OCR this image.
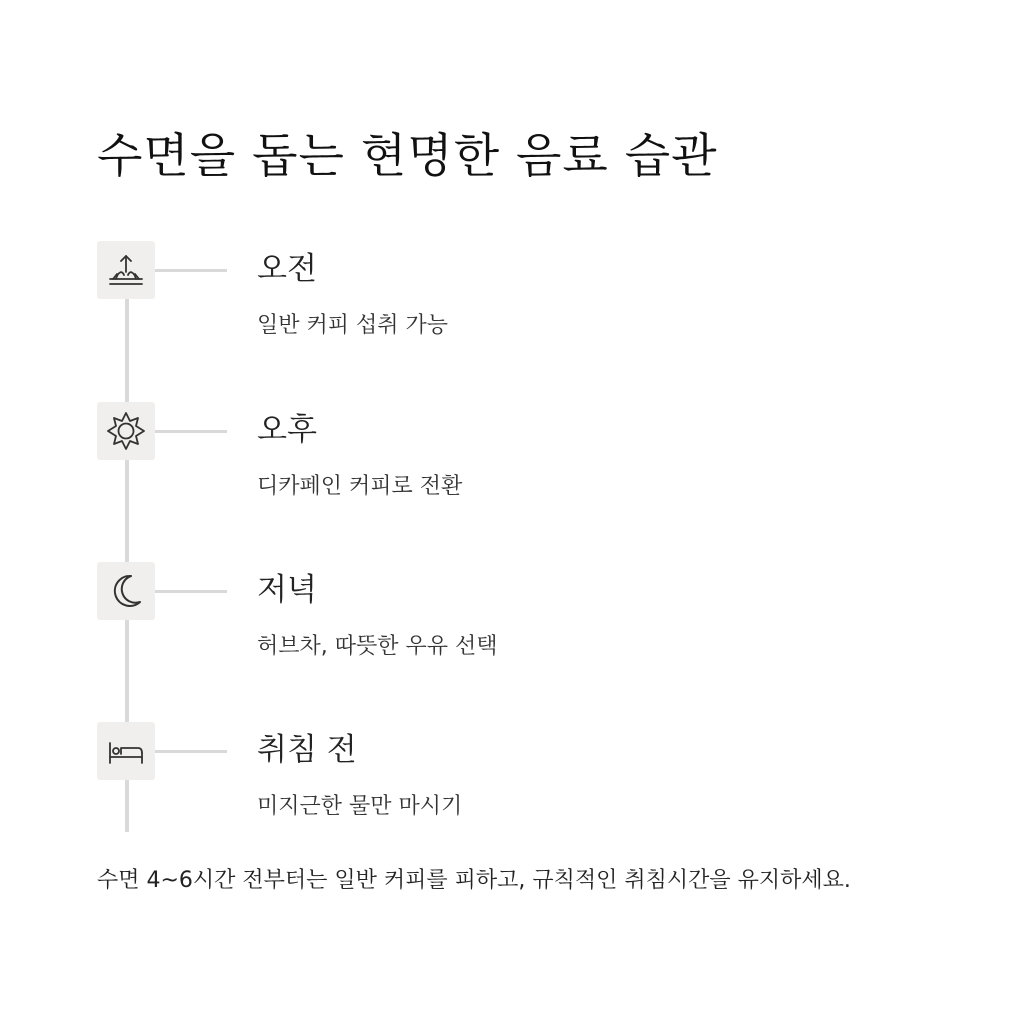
수면을 돕는 현명한 음료 습관
오전
일반 커피 섭취 가능
오후
디카페인 커피로 전환
저녁
허브차, 따뜻한 우유 선택
취침 전
미지근한 물만 마시기
수면 4~6시간 전부터는 일반 커피를 피하고, 규칙적인 취침시간을 유지하세요.
